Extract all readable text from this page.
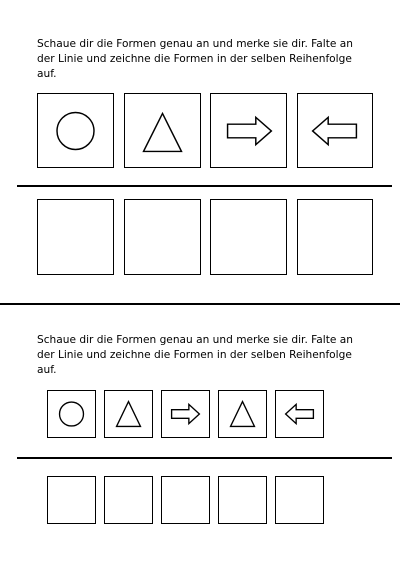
Schaue dir die Formen genau an und merke sie dir. Falte an der Linie und zeichne die Formen in der selben Reihenfolge auf.

Schaue dir die Formen genau an und merke sie dir. Falte an der Linie und zeichne die Formen in der selben Reihenfolge auf.
